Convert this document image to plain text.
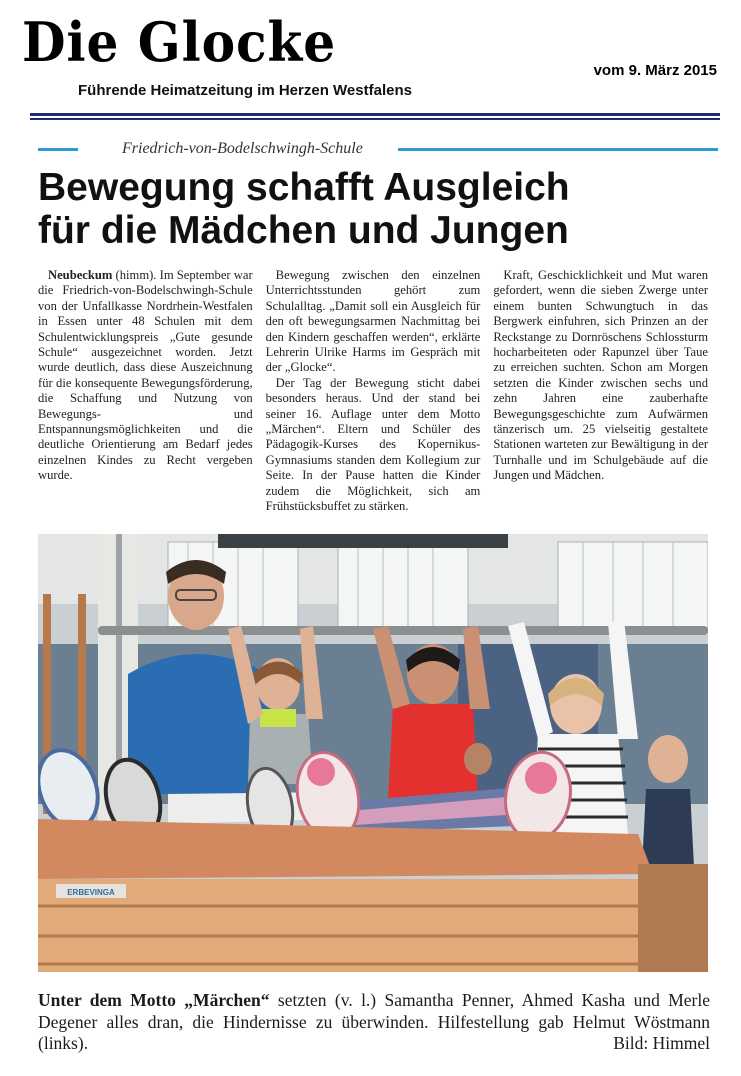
Die Glocke
Führende Heimatzeitung im Herzen Westfalens
vom 9. März 2015
Friedrich-von-Bodelschwingh-Schule
Bewegung schafft Ausgleich
für die Mädchen und Jungen

Neubeckum (himm). Im September war die Friedrich-von-Bodelschwingh-Schule von der Unfallkasse Nordrhein-Westfalen in Essen unter 48 Schulen mit dem Schulentwicklungspreis „Gute gesunde Schule“ ausgezeichnet worden. Jetzt wurde deutlich, dass diese Auszeichnung für die konsequente Bewegungsförderung, die Schaffung und Nutzung von Bewegungs- und Entspannungsmöglichkeiten und die deutliche Orientierung am Bedarf jedes einzelnen Kindes zu Recht vergeben wurde.

Bewegung zwischen den einzelnen Unterrichtsstunden gehört zum Schulalltag. „Damit soll ein Ausgleich für den oft bewegungsarmen Nachmittag bei den Kindern geschaffen werden“, erklärte Lehrerin Ulrike Harms im Gespräch mit der „Glocke“.

Der Tag der Bewegung sticht dabei besonders heraus. Und der stand bei seiner 16. Auflage unter dem Motto „Märchen“. Eltern und Schüler des Pädagogik-Kurses des Kopernikus-Gymnasiums standen dem Kollegium zur Seite. In der Pause hatten die Kinder zudem die Möglichkeit, sich am Frühstücksbuffet zu stärken.

Kraft, Geschicklichkeit und Mut waren gefordert, wenn die sieben Zwerge unter einem bunten Schwungtuch in das Bergwerk einfuhren, sich Prinzen an der Reckstange zu Dornröschens Schlossturm hocharbeiteten oder Rapunzel über Taue zu erreichen suchten. Schon am Morgen setzten die Kinder zwischen sechs und zehn Jahren eine zauberhafte Bewegungsgeschichte zum Aufwärmen tänzerisch um. 25 vielseitig gestaltete Stationen warteten zur Bewältigung in der Turnhalle und im Schulgebäude auf die Jungen und Mädchen.

ERBEVINGA
Unter dem Motto „Märchen“ setzten (v. l.) Samantha Penner, Ahmed Kasha und Merle Degener alles dran, die Hindernisse zu überwinden. Hilfestellung gab Helmut Wöstmann (links).	Bild: Himmel
